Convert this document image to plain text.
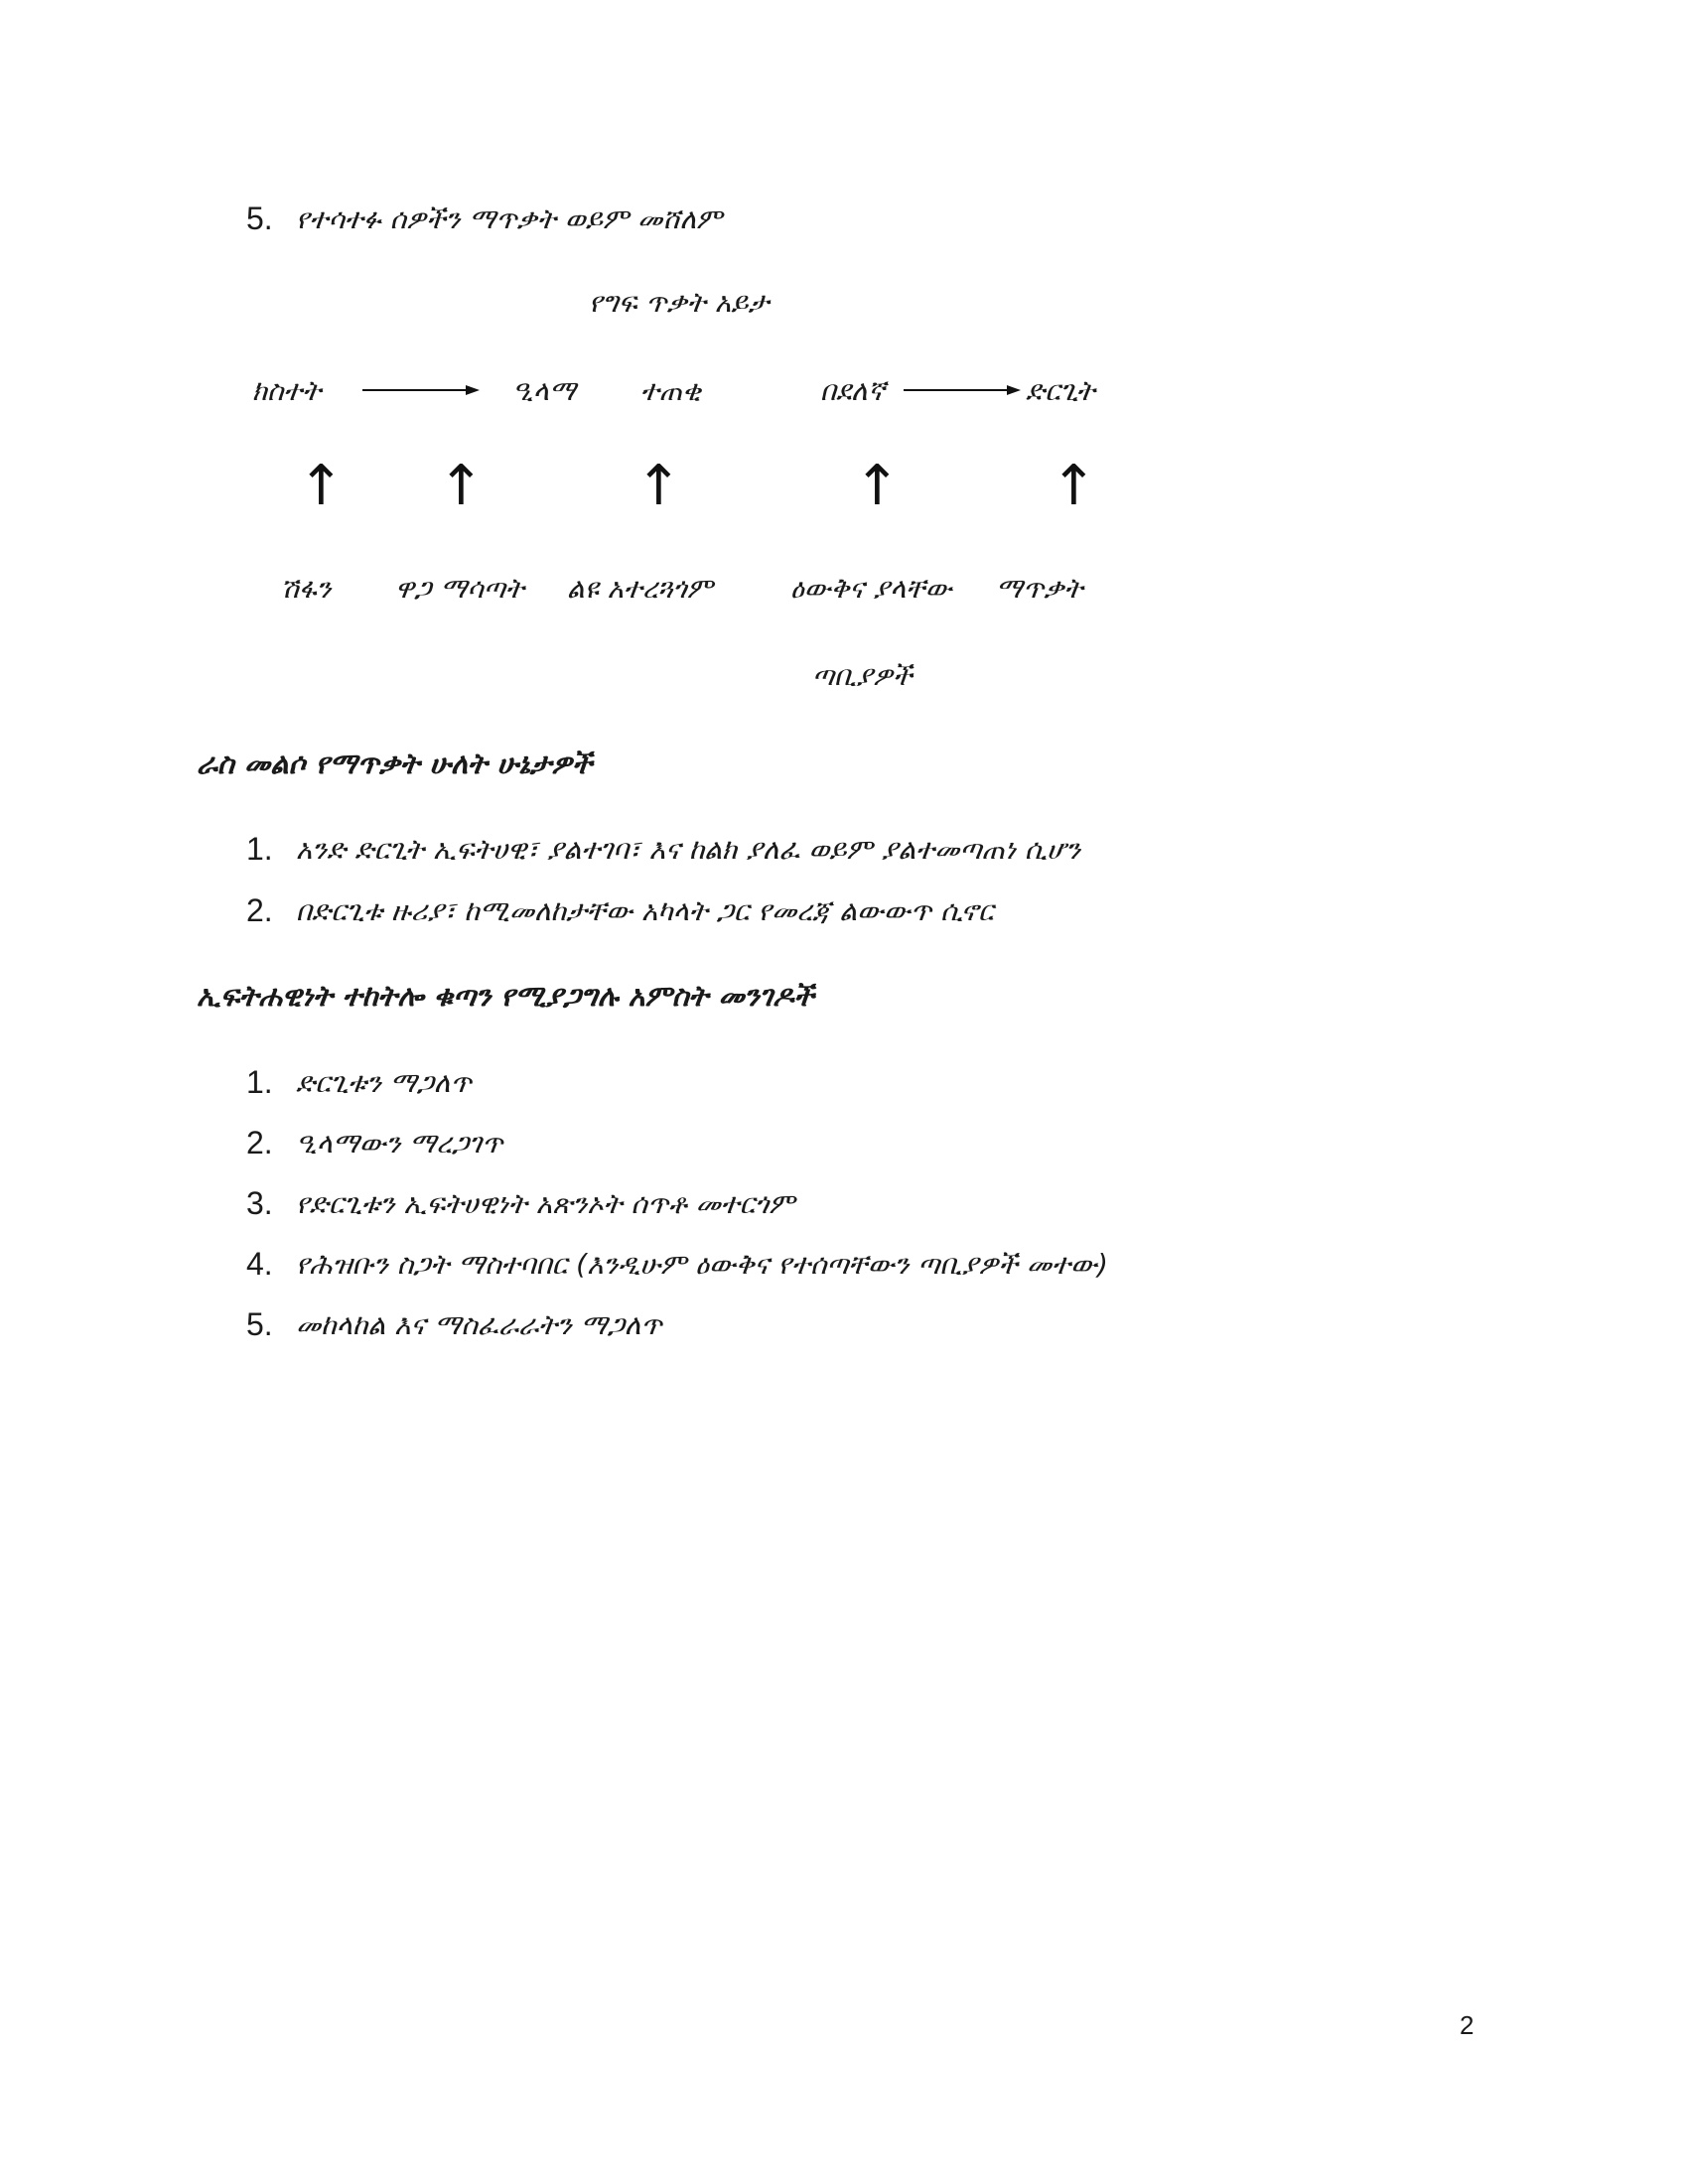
5. የተሳተፉ ሰዎችን ማጥቃት ወይም መሸለም
የግፍ ጥቃት አይታ
ክስተት	ዒላማ ተጠቂ	በደለኛ	ድርጊት
↑ ↑	↑	↑	↑
ሽፋን ዋጋ ማሳጣት ልዩ አተረጓጎም	ዕውቅና ያላቸው ማጥቃት
ጣቢያዎች
ራስ መልሶ የማጥቃት ሁለት ሁኔታዎች
1. አንድ ድርጊት ኢፍትሀዊ፣ ያልተገባ፣ እና ከልክ ያለፈ ወይም ያልተመጣጠነ ሲሆን
2. በድርጊቱ ዙሪያ፣ ከሚመለከታቸው አካላት ጋር የመረጃ ልውውጥ ሲኖር
ኢፍትሐዊነት ተከትሎ ቁጣን የሚያጋግሉ አምስት መንገዶች
1. ድርጊቱን ማጋለጥ
2. ዒላማውን ማረጋገጥ
3. የድርጊቱን ኢፍትሀዊነት አጽንኦት ሰጥቶ መተርጎም
4. የሕዝቡን ስጋት ማስተባበር (እንዲሁም ዕውቅና የተሰጣቸውን ጣቢያዎች መተው)
5. መከላከል እና ማስፈራራትን ማጋለጥ
2
